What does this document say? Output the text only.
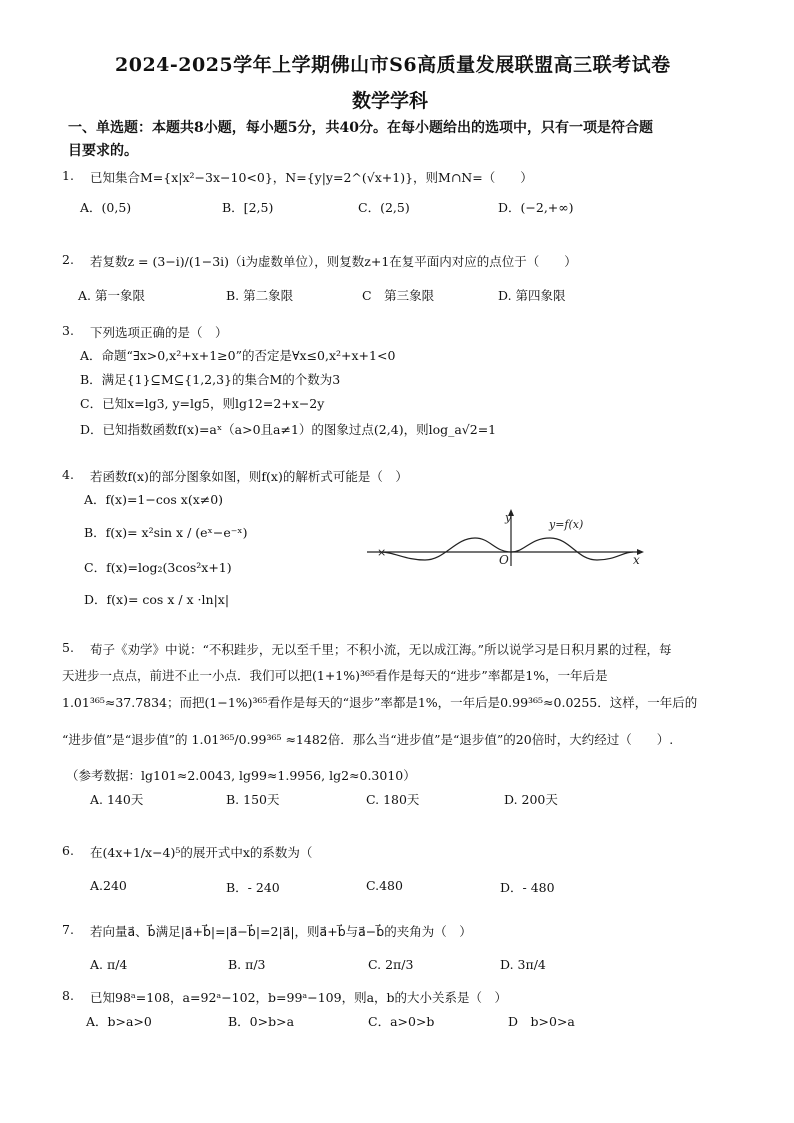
2024-2025学年上学期佛山市S6高质量发展联盟高三联考试卷
数学学科
一、单选题：本题共8小题，每小题5分，共40分。在每小题给出的选项中，只有一项是符合题
目要求的。
1. 已知集合M={x|x²−3x−10<0}，N={y|y=2^(√x+1)}，则M∩N=（　　）
A．(0,5)	B．[2,5)	C．(2,5)	D．(−2,+∞)
2. 若复数z = (3−i)/(1−3i)（i为虚数单位），则复数z+1在复平面内对应的点位于（　　）
A. 第一象限	B. 第二象限	C　第三象限	D. 第四象限
3. 下列选项正确的是（　）
A．命题“∃x>0,x²+x+1≥0”的否定是∀x≤0,x²+x+1<0
B．满足{1}⊆M⊆{1,2,3}的集合M的个数为3
C．已知x=lg3, y=lg5，则lg12=2+x−2y
D．已知指数函数f(x)=aˣ（a>0且a≠1）的图象过点(2,4)，则log_a√2=1
4. 若函数f(x)的部分图象如图，则f(x)的解析式可能是（　）
A．f(x)=1−cos x(x≠0)
B．f(x)= x²sin x / (eˣ−e⁻ˣ)
C．f(x)=log₂(3cos²x+1)
D．f(x)= cos x / x ·ln|x|
×
y
x
O
y=f(x)
5. 荀子《劝学》中说：“不积跬步，无以至千里；不积小流，无以成江海。”所以说学习是日积月累的过程，每
天进步一点点，前进不止一小点．我们可以把(1+1%)³⁶⁵看作是每天的“进步”率都是1%，一年后是
1.01³⁶⁵≈37.7834；而把(1−1%)³⁶⁵看作是每天的“退步”率都是1%，一年后是0.99³⁶⁵≈0.0255．这样，一年后的
“进步值”是“退步值”的 1.01³⁶⁵/0.99³⁶⁵ ≈1482倍．那么当“进步值”是“退步值”的20倍时，大约经过（　　）.
（参考数据：lg101≈2.0043, lg99≈1.9956, lg2≈0.3010）
A. 140天	B. 150天	C. 180天	D. 200天
6. 在(4x+1/x−4)⁵的展开式中x的系数为（
A.240	B．- 240	C.480	D．- 480
7. 若向量a⃗、b⃗满足|a⃗+b⃗|=|a⃗−b⃗|=2|a⃗|，则a⃗+b⃗与a⃗−b⃗的夹角为（　）
A. π/4	B. π/3	C. 2π/3	D. 3π/4
8. 已知98ᵃ=108，a=92ᵃ−102，b=99ᵃ−109，则a，b的大小关系是（　）
A．b>a>0	B．0>b>a	C．a>0>b	D　b>0>a
